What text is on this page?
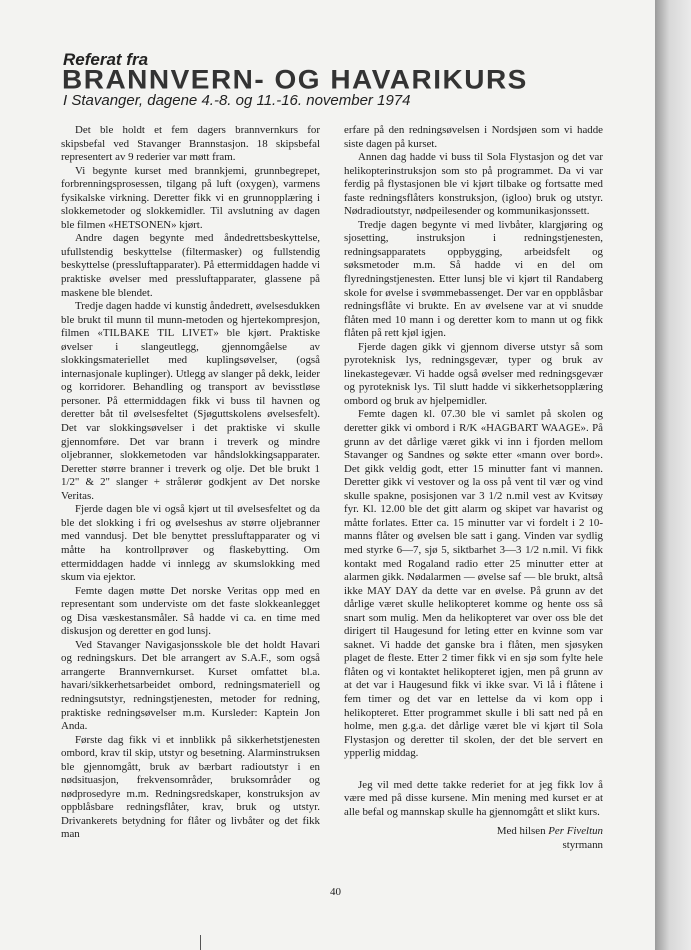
Referat fra

BRANNVERN- OG HAVARIKURS

I Stavanger, dagene 4.-8. og 11.-16. november 1974

Det ble holdt et fem dagers brannvernkurs for skipsbefal ved Stavanger Brannstasjon. 18 skipsbefal representert av 9 rederier var møtt fram.

Vi begynte kurset med brannkjemi, grunnbegrepet, forbrenningsprosessen, tilgang på luft (oxygen), varmens fysikalske virkning. Deretter fikk vi en grunnopplæring i slokkemetoder og slokkemidler. Til avslutning av dagen ble filmen «HETSONEN» kjørt.

Andre dagen begynte med åndedrettsbeskyttelse, ufullstendig beskyttelse (filtermasker) og fullstendig beskyttelse (pressluftapparater). På ettermiddagen hadde vi praktiske øvelser med pressluftapparater, glassene på maskene ble blendet.

Tredje dagen hadde vi kunstig åndedrett, øvelsesdukken ble brukt til munn til munn-metoden og hjertekompresjon, filmen «TILBAKE TIL LIVET» ble kjørt. Praktiske øvelser i slangeutlegg, gjennomgåelse av slokkingsmateriellet med kuplingsøvelser, (også internasjonale kuplinger). Utlegg av slanger på dekk, leider og korridorer. Behandling og transport av bevisstløse personer. På ettermiddagen fikk vi buss til havnen og deretter båt til øvelsesfeltet (Sjøguttskolens øvelsesfelt). Det var slokkingsøvelser i det praktiske vi skulle gjennomføre. Det var brann i treverk og mindre oljebranner, slokkemetoden var håndslokkingsapparater. Deretter større branner i treverk og olje. Det ble brukt 1 1/2" & 2" slanger + strålerør godkjent av Det norske Veritas.

Fjerde dagen ble vi også kjørt ut til øvelsesfeltet og da ble det slokking i fri og øvelseshus av større oljebranner med vanndusj. Det ble benyttet pressluftapparater og vi måtte ha kontrollprøver og flaskebytting. Om ettermiddagen hadde vi innlegg av skumslokking med skum via ejektor.

Femte dagen møtte Det norske Veritas opp med en representant som underviste om det faste slokkeanlegget og Disa væskestansmåler. Så hadde vi ca. en time med diskusjon og deretter en god lunsj.

Ved Stavanger Navigasjonsskole ble det holdt Havari og redningskurs. Det ble arrangert av S.A.F., som også arrangerte Brannvernkurset. Kurset omfattet bl.a. havari/sikkerhetsarbeidet ombord, redningsmateriell og redningsutstyr, redningstjenesten, metoder for redning, praktiske redningsøvelser m.m. Kursleder: Kaptein Jon Anda.

Første dag fikk vi et innblikk på sikkerhetstjenesten ombord, krav til skip, utstyr og besetning. Alarminstruksen ble gjennomgått, bruk av bærbart radioutstyr i en nødsituasjon, frekvensområder, bruksområder og nødprosedyre m.m. Redningsredskaper, konstruksjon av oppblåsbare redningsflåter, krav, bruk og utstyr. Drivankerets betydning for flåter og livbåter og det fikk man

erfare på den redningsøvelsen i Nordsjøen som vi hadde siste dagen på kurset.

Annen dag hadde vi buss til Sola Flystasjon og det var helikopterinstruksjon som sto på programmet. Da vi var ferdig på flystasjonen ble vi kjørt tilbake og fortsatte med faste redningsflåters konstruksjon, (igloo) bruk og utstyr. Nødradioutstyr, nødpeilesender og kommunikasjonssett.

Tredje dagen begynte vi med livbåter, klargjøring og sjosetting, instruksjon i redningstjenesten, redningsapparatets oppbygging, arbeidsfelt og søksmetoder m.m. Så hadde vi en del om flyredningstjenesten. Etter lunsj ble vi kjørt til Randaberg skole for øvelse i svømmebassenget. Der var en oppblåsbar redningsflåte vi brukte. En av øvelsene var at vi snudde flåten med 10 mann i og deretter kom to mann ut og fikk flåten på rett kjøl igjen.

Fjerde dagen gikk vi gjennom diverse utstyr så som pyroteknisk lys, redningsgevær, typer og bruk av linekastegevær. Vi hadde også øvelser med redningsgevær og pyroteknisk lys. Til slutt hadde vi sikkerhetsopplæring ombord og bruk av hjelpemidler.

Femte dagen kl. 07.30 ble vi samlet på skolen og deretter gikk vi ombord i R/K «HAGBART WAAGE». På grunn av det dårlige været gikk vi inn i fjorden mellom Stavanger og Sandnes og søkte etter «mann over bord». Det gikk veldig godt, etter 15 minutter fant vi mannen. Deretter gikk vi vestover og la oss på vent til vær og vind skulle spakne, posisjonen var 3 1/2 n.mil vest av Kvitsøy fyr. Kl. 12.00 ble det gitt alarm og skipet var havarist og måtte forlates. Etter ca. 15 minutter var vi fordelt i 2 10-manns flåter og øvelsen ble satt i gang. Vinden var sydlig med styrke 6—7, sjø 5, siktbarhet 3—3 1/2 n.mil. Vi fikk kontakt med Rogaland radio etter 25 minutter etter at alarmen gikk. Nødalarmen — øvelse saf — ble brukt, altså ikke MAY DAY da dette var en øvelse. På grunn av det dårlige været skulle helikopteret komme og hente oss så snart som mulig. Men da helikopteret var over oss ble det dirigert til Haugesund for leting etter en kvinne som var saknet. Vi hadde det ganske bra i flåten, men sjøsyken plaget de fleste. Etter 2 timer fikk vi en sjø som fylte hele flåten og vi kontaktet helikopteret igjen, men på grunn av at det var i Haugesund fikk vi ikke svar. Vi lå i flåtene i fem timer og det var en lettelse da vi kom opp i helikopteret. Etter programmet skulle i bli satt ned på en holme, men g.g.a. det dårlige været ble vi kjørt til Sola Flystasjon og deretter til skolen, der det ble servert en ypperlig middag.

Jeg vil med dette takke rederiet for at jeg fikk lov å være med på disse kursene. Min mening med kurset er at alle befal og mannskap skulle ha gjennomgått et slikt kurs.

Med hilsen Per Fiveltun

styrmann

40
